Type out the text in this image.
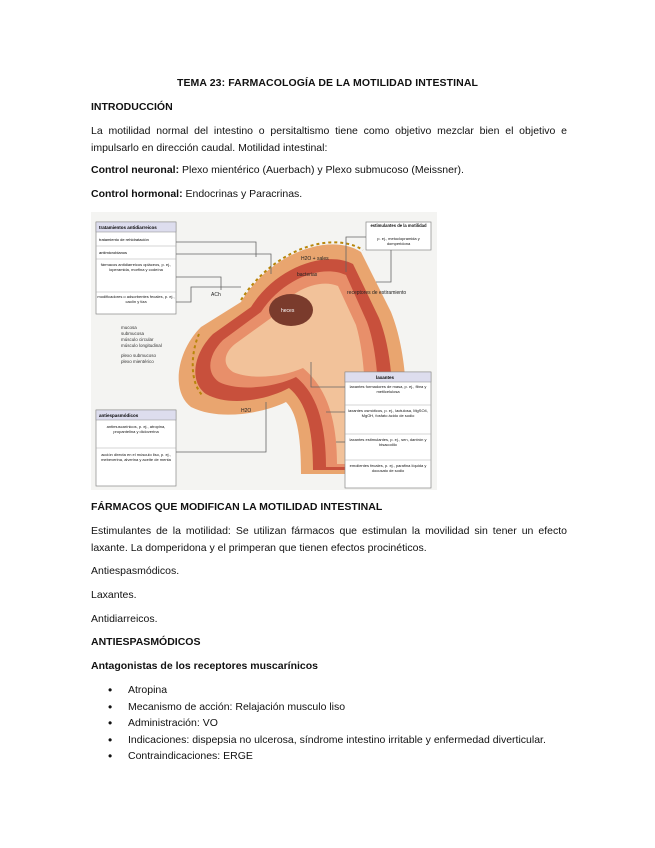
TEMA 23: FARMACOLOGÍA DE LA MOTILIDAD INTESTINAL
INTRODUCCIÓN
La motilidad normal del intestino o persitaltismo tiene como objetivo mezclar bien el objetivo e impulsarlo en dirección caudal. Motilidad intestinal:
Control neuronal: Plexo mientérico (Auerbach) y Plexo submucoso (Meissner).
Control hormonal: Endocrinas y Paracrinas.
heces
H2O + sales
bacterias
ACh	receptores de estiramiento
H2O
mucosa
submucosa
músculo circular
músculo longitudinal
plexo submucoso
plexo mientérico
tratamientos antidiarreicos
tratamiento de rehidratación
antimicrobianos
fármacos antidiarreicos opiáceos, p. ej., loperamida, morfina y codeína
modificadores o adsorbentes fecales, p. ej., caolín y tiza
estimulantes de la motilidad
p. ej., metoclopramida y domperidona
antiespasmódicos
antimuscarínicos, p. ej., atropina, propantelina y dicloverina
acción directa en el músculo liso, p. ej., mebeverina, alverina y aceite de menta
laxantes
laxantes formadores de masa, p. ej., fibra y metilcelulosa
laxantes osmóticos, p. ej., lactulosa, MgSO4, MgOH, fosfato ácido de sodio
laxantes estimulantes, p. ej., sen, dantrón y bisacodilo
emolientes fecales, p. ej., parafina líquida y docusato de sodio
FÁRMACOS QUE MODIFICAN LA MOTILIDAD INTESTINAL
Estimulantes de la motilidad: Se utilizan fármacos que estimulan la movilidad sin tener un efecto laxante. La domperidona y el primperan que tienen efectos procinéticos.
Antiespasmódicos.
Laxantes.
Antidiarreicos.
ANTIESPASMÓDICOS
Antagonistas de los receptores muscarínicos
• Atropina
• Mecanismo de acción: Relajación musculo liso
• Administración: VO
• Indicaciones: dispepsia no ulcerosa, síndrome intestino irritable y enfermedad diverticular.
• Contraindicaciones: ERGE
